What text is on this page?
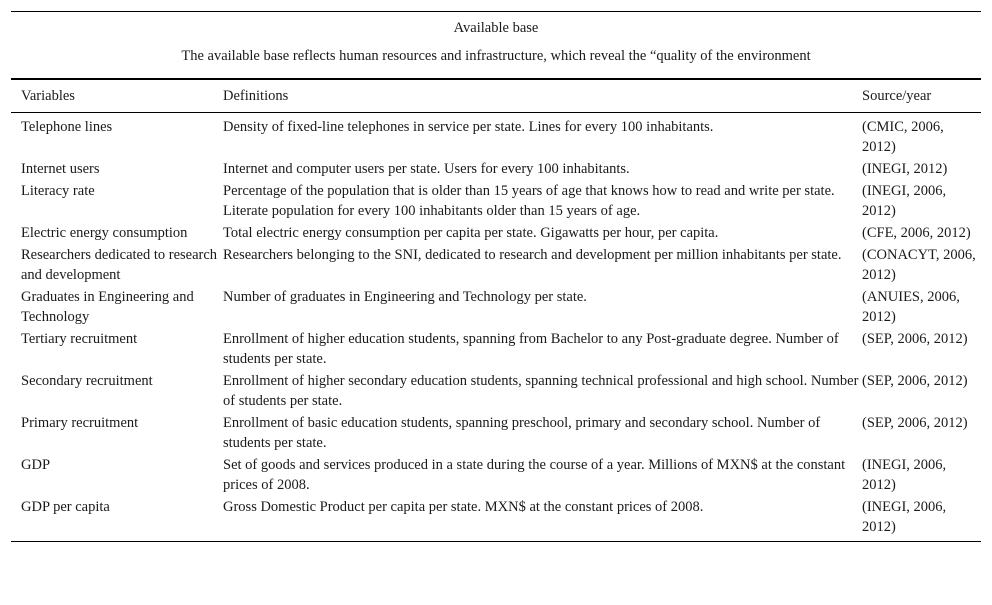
Available base
The available base reflects human resources and infrastructure, which reveal the “quality of the environment
Variables	Definitions	Source/year
Telephone lines	Density of fixed-line telephones in service per state. Lines for every 100 inhabitants.	(CMIC, 2006, 2012)
Internet users	Internet and computer users per state. Users for every 100 inhabitants.	(INEGI, 2012)
Literacy rate	Percentage of the population that is older than 15 years of age that knows how to read and write per state. Literate population for every 100 inhabitants older than 15 years of age.	(INEGI, 2006, 2012)
Electric energy consumption	Total electric energy consumption per capita per state. Gigawatts per hour, per capita.	(CFE, 2006, 2012)
Researchers dedicated to research and development	Researchers belonging to the SNI, dedicated to research and development per million inhabitants per state.	(CONACYT, 2006, 2012)
Graduates in Engineering and Technology	Number of graduates in Engineering and Technology per state.	(ANUIES, 2006, 2012)
Tertiary recruitment	Enrollment of higher education students, spanning from Bachelor to any Post-graduate degree. Number of students per state.	(SEP, 2006, 2012)
Secondary recruitment	Enrollment of higher secondary education students, spanning technical professional and high school. Number of students per state.	(SEP, 2006, 2012)
Primary recruitment	Enrollment of basic education students, spanning preschool, primary and secondary school. Number of students per state.	(SEP, 2006, 2012)
GDP	Set of goods and services produced in a state during the course of a year. Millions of MXN$ at the constant prices of 2008.	(INEGI, 2006, 2012)
GDP per capita	Gross Domestic Product per capita per state. MXN$ at the constant prices of 2008.	(INEGI, 2006, 2012)
